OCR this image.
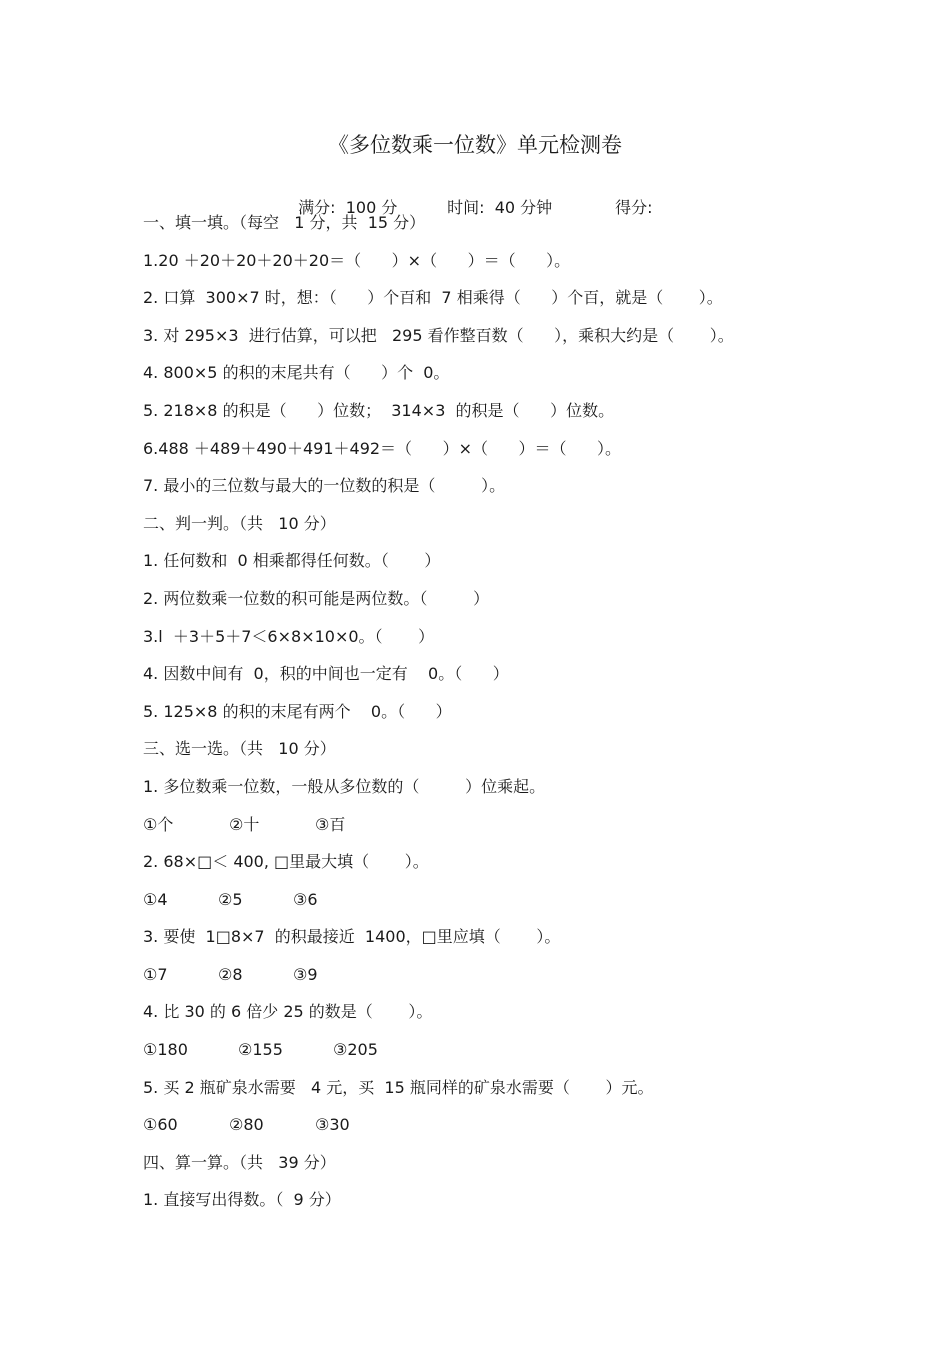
《多位数乘一位数》单元检测卷

满分:  100 分	时间:  40 分钟	得分:

一、填一填。（每空   1 分，共  15 分）
1.20 ＋20＋20＋20＋20＝（      ）×（      ）＝（      ）。
2. 口算  300×7 时，想：（      ）个百和  7 相乘得（      ）个百，就是（       ）。
3. 对 295×3  进行估算，可以把   295 看作整百数（      ），乘积大约是（       ）。
4. 800×5 的积的末尾共有（      ）个  0。
5. 218×8 的积是（      ）位数；  314×3  的积是（      ）位数。
6.488 ＋489＋490＋491＋492＝（      ）×（      ）＝（      ）。
7. 最小的三位数与最大的一位数的积是（         ）。
二、判一判。（共   10 分）
1. 任何数和  0 相乘都得任何数。（       ）
2. 两位数乘一位数的积可能是两位数。（         ）
3.l  ＋3＋5＋7＜6×8×10×0。（       ）
4. 因数中间有  0，积的中间也一定有    0。（      ）
5. 125×8 的积的末尾有两个    0。（      ）
三、选一选。（共   10 分）
1. 多位数乘一位数，一般从多位数的（         ）位乘起。
①个	②十	③百
2. 68×□＜ 400, □里最大填（       ）。
①4	②5	③6
3. 要使  1□8×7  的积最接近  1400，□里应填（       ）。
①7	②8	③9
4. 比 30 的 6 倍少 25 的数是（       ）。
①180	②155	③205
5. 买 2 瓶矿泉水需要   4 元，买  15 瓶同样的矿泉水需要（       ）元。
①60	②80	③30
四、算一算。（共   39 分）
1. 直接写出得数。（  9 分）
